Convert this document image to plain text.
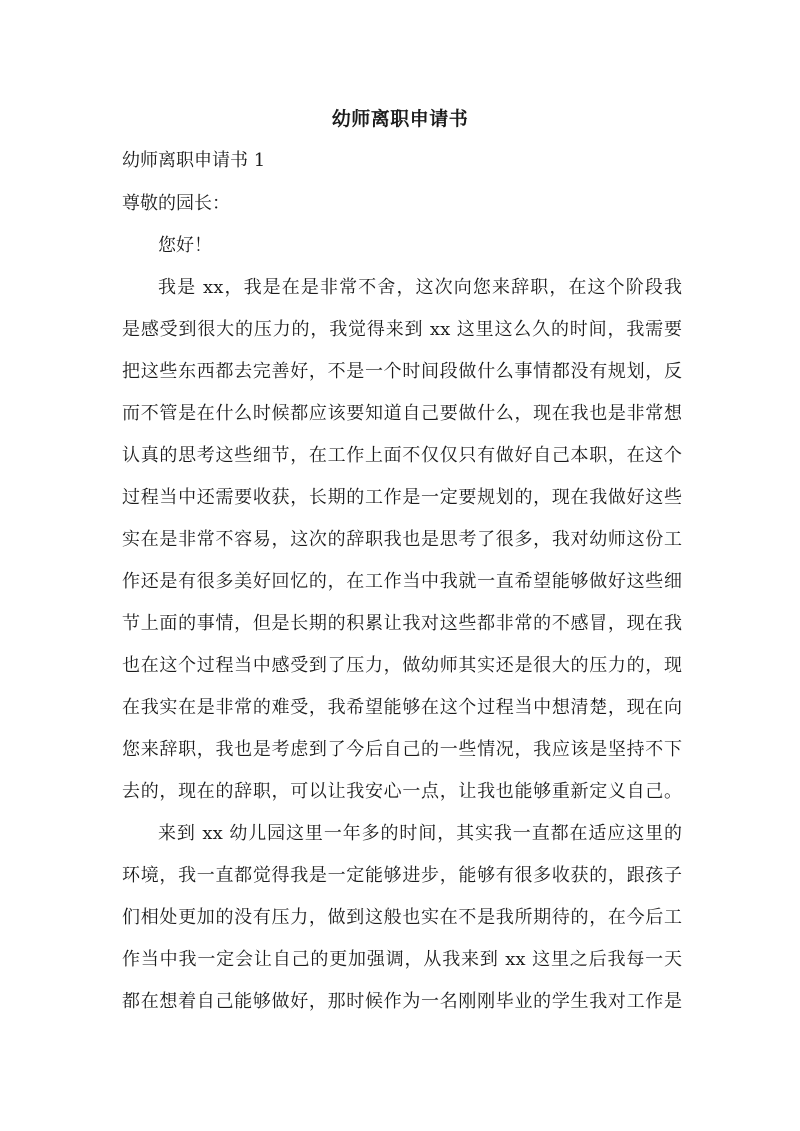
幼师离职申请书

幼师离职申请书 1

尊敬的园长：

您好！

我是 xx，我是在是非常不舍，这次向您来辞职，在这个阶段我

是感受到很大的压力的，我觉得来到 xx 这里这么久的时间，我需要

把这些东西都去完善好，不是一个时间段做什么事情都没有规划，反

而不管是在什么时候都应该要知道自己要做什么，现在我也是非常想

认真的思考这些细节，在工作上面不仅仅只有做好自己本职，在这个

过程当中还需要收获，长期的工作是一定要规划的，现在我做好这些

实在是非常不容易，这次的辞职我也是思考了很多，我对幼师这份工

作还是有很多美好回忆的，在工作当中我就一直希望能够做好这些细

节上面的事情，但是长期的积累让我对这些都非常的不感冒，现在我

也在这个过程当中感受到了压力，做幼师其实还是很大的压力的，现

在我实在是非常的难受，我希望能够在这个过程当中想清楚，现在向

您来辞职，我也是考虑到了今后自己的一些情况，我应该是坚持不下

去的，现在的辞职，可以让我安心一点，让我也能够重新定义自己。

来到 xx 幼儿园这里一年多的时间，其实我一直都在适应这里的

环境，我一直都觉得我是一定能够进步，能够有很多收获的，跟孩子

们相处更加的没有压力，做到这般也实在不是我所期待的，在今后工

作当中我一定会让自己的更加强调，从我来到 xx 这里之后我每一天

都在想着自己能够做好，那时候作为一名刚刚毕业的学生我对工作是
